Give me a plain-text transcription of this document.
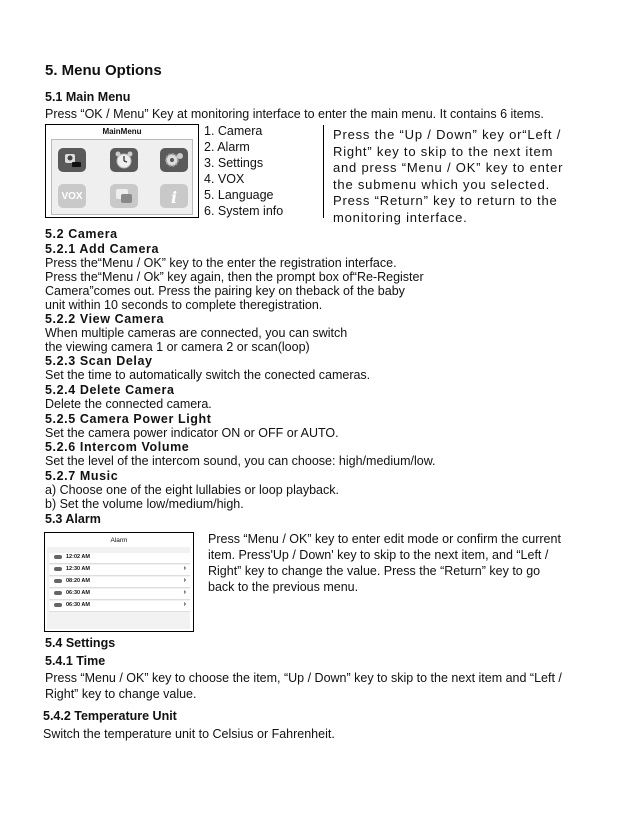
5. Menu Options
5.1 Main Menu
Press “OK / Menu” Key at monitoring interface to enter the main menu. It contains 6 items.
MainMenu
VOX	i
1. Camera
2. Alarm
3. Settings
4. VOX
5. Language
6. System info
Press the “Up / Down” key or“Left /
Right” key to skip to the next item
and press “Menu / OK” key to enter
the submenu which you selected.
Press “Return” key to return to the
monitoring interface.
5.2 Camera
5.2.1 Add Camera
Press the“Menu / OK” key to the enter the registration interface.
Press the“Menu / Ok” key again, then the prompt box of“Re-Register
Camera”comes out. Press the pairing key on theback of the baby
unit within 10 seconds to complete theregistration.
5.2.2 View Camera
When multiple cameras are connected, you can switch
the viewing camera 1 or camera 2 or scan(loop)
5.2.3 Scan Delay
Set the time to automatically switch the conected cameras.
5.2.4 Delete Camera
Delete the connected camera.
5.2.5 Camera Power Light
Set the camera power indicator ON or OFF or AUTO.
5.2.6 Intercom Volume
Set the level of the intercom sound, you can choose: high/medium/low.
5.2.7 Music
a) Choose one of the eight lullabies or loop playback.
b) Set the volume low/medium/high.
5.3 Alarm
Alarm
12:02 AM
12:30 AM	›
08:20 AM	›
06:30 AM	›
06:30 AM	›
Press “Menu / OK” key to enter edit mode or confirm the current
item. Press'Up / Down' key to skip to the next item, and “Left /
Right” key to change the value. Press the “Return” key to go
back to the previous menu.
5.4 Settings
5.4.1 Time
Press “Menu / OK” key to choose the item, “Up / Down” key to skip to the next item and “Left /
Right” key to change value.
5.4.2 Temperature Unit
Switch the temperature unit to Celsius or Fahrenheit.
